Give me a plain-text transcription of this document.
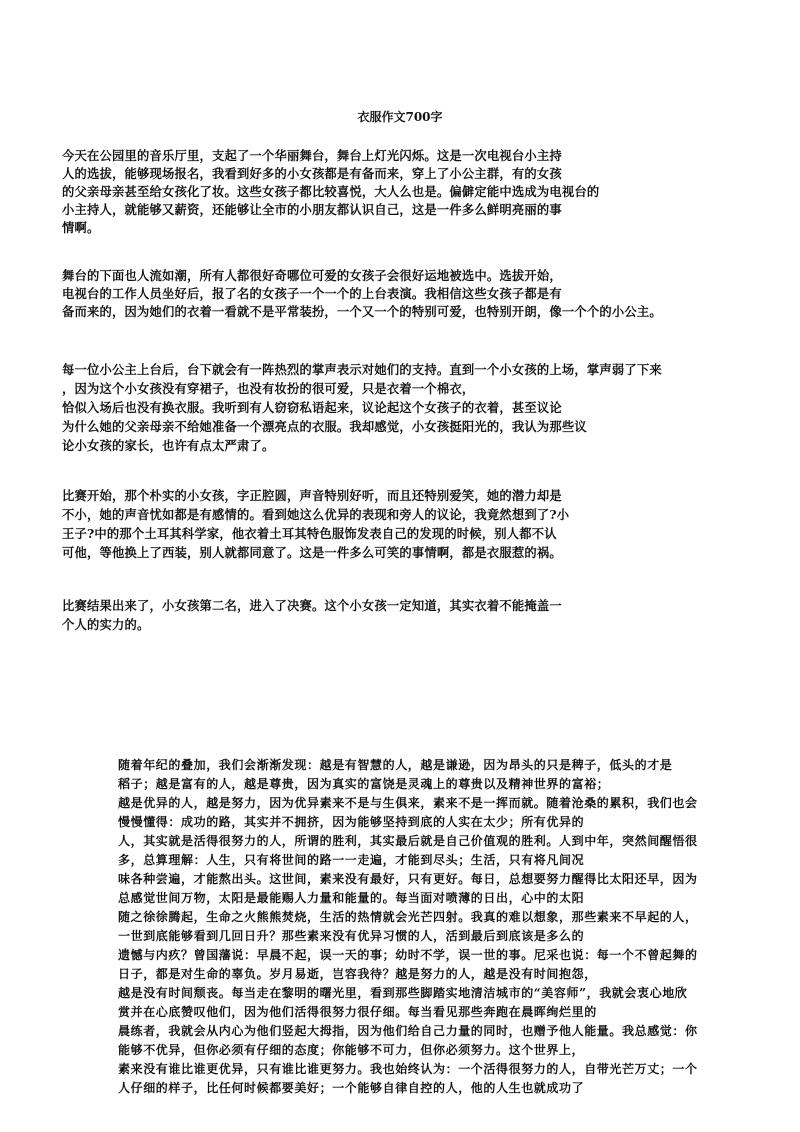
衣服作文700字
今天在公园里的音乐厅里，支起了一个华丽舞台，舞台上灯光闪烁。这是一次电视台小主持
人的选拔，能够现场报名，我看到好多的小女孩都是有备而来，穿上了小公主群，有的女孩
的父亲母亲甚至给女孩化了妆。这些女孩子都比较喜悦，大人么也是。偏僻定能中选成为电视台的
小主持人，就能够又薪资，还能够让全市的小朋友都认识自己，这是一件多么鲜明亮丽的事
情啊。
舞台的下面也人流如潮，所有人都很好奇哪位可爱的女孩子会很好运地被选中。选拔开始，
电视台的工作人员坐好后，报了名的女孩子一个一个的上台表演。我相信这些女孩子都是有
备而来的，因为她们的衣着一看就不是平常装扮，一个又一个的特别可爱，也特别开朗，像一个个的小公主。
每一位小公主上台后，台下就会有一阵热烈的掌声表示对她们的支持。直到一个小女孩的上场，掌声弱了下来
，因为这个小女孩没有穿裙子，也没有妆扮的很可爱，只是衣着一个棉衣，
恰似入场后也没有换衣服。我听到有人窃窃私语起来，议论起这个女孩子的衣着，甚至议论
为什么她的父亲母亲不给她准备一个漂亮点的衣服。我却感觉，小女孩挺阳光的，我认为那些议
论小女孩的家长，也许有点太严肃了。
比赛开始，那个朴实的小女孩，字正腔圆，声音特别好听，而且还特别爱笑，她的潜力却是
不小，她的声音忧如都是有感情的。看到她这么优异的表现和旁人的议论，我竟然想到了?小
王子?中的那个土耳其科学家，他衣着土耳其特色服饰发表自己的发现的时候，别人都不认
可他，等他换上了西装，别人就都同意了。这是一件多么可笑的事情啊，都是衣服惹的祸。
比赛结果出来了，小女孩第二名，进入了决赛。这个小女孩一定知道，其实衣着不能掩盖一
个人的实力的。
随着年纪的叠加，我们会渐渐发现：越是有智慧的人，越是谦逊，因为昂头的只是稗子，低头的才是
稻子；越是富有的人，越是尊贵，因为真实的富饶是灵魂上的尊贵以及精神世界的富裕；
越是优异的人，越是努力，因为优异素来不是与生俱来，素来不是一挥而就。随着沧桑的累积，我们也会
慢慢懂得：成功的路，其实并不拥挤，因为能够坚持到底的人实在太少；所有优异的
人，其实就是活得很努力的人，所谓的胜利，其实最后就是自己价值观的胜利。人到中年，突然间醒悟很
多，总算理解：人生，只有将世间的路一一走遍，才能到尽头；生活，只有将凡间况
味各种尝遍，才能熬出头。这世间，素来没有最好，只有更好。每日，总想要努力醒得比太阳还早，因为
总感觉世间万物，太阳是最能赐人力量和能量的。每当面对喷薄的日出，心中的太阳
随之徐徐腾起，生命之火熊熊焚烧，生活的热情就会光芒四射。我真的难以想象，那些素来不早起的人，
一世到底能够看到几回日升？那些素来没有优异习惯的人，活到最后到底该是多么的
遗憾与内疚？曾国藩说：早晨不起，误一天的事；幼时不学，误一世的事。尼采也说：每一个不曾起舞的
日子，都是对生命的辜负。岁月易逝，岂容我待？越是努力的人，越是没有时间抱怨，
越是没有时间颓丧。每当走在黎明的曙光里，看到那些脚踏实地清洁城市的“美容师”，我就会衷心地欣
赏并在心底赞叹他们，因为他们活得很努力很仔细。每当看见那些奔跑在晨晖绚烂里的
晨练者，我就会从内心为他们竖起大拇指，因为他们给自己力量的同时，也赠予他人能量。我总感觉：你
能够不优异，但你必须有仔细的态度；你能够不可力，但你必须努力。这个世界上，
素来没有谁比谁更优异，只有谁比谁更努力。我也始终认为：一个活得很努力的人，自带光芒万丈；一个
人仔细的样子，比任何时候都要美好；一个能够自律自控的人，他的人生也就成功了
